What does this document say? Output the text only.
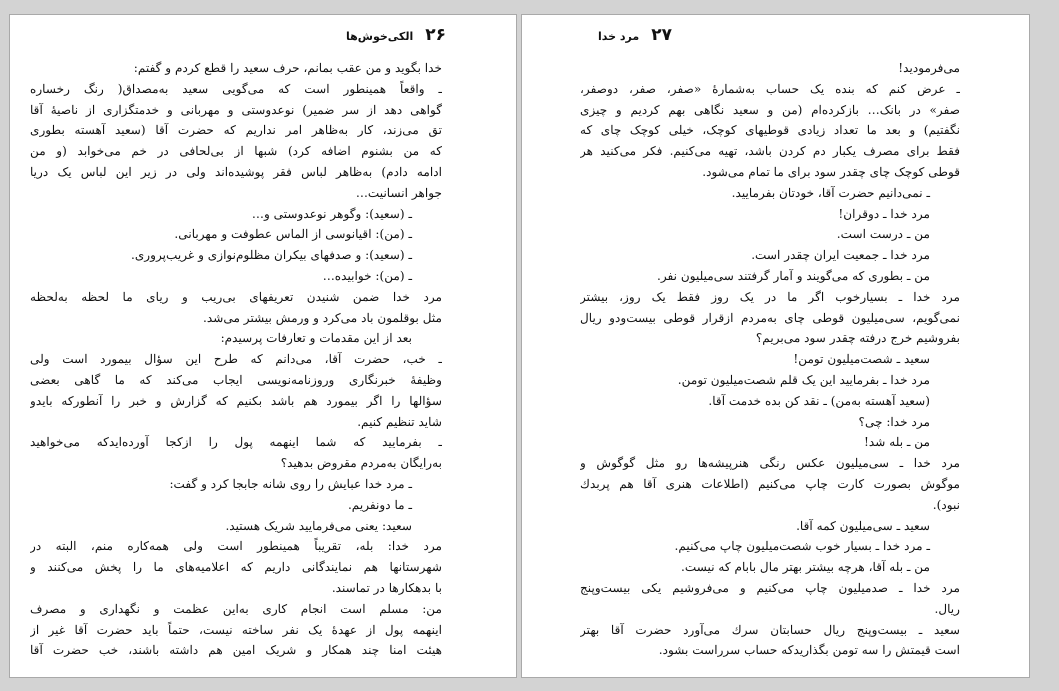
۲۶
الکی‌خوش‌ها
خدا بگوید و من عقب بمانم، حرف سعید را قطع کردم و گفتم:
ـ واقعاً همینطور است که می‌گویی سعید به‌مصداق( رنگ رخساره
گواهی دهد از سر ضمیر) نوعدوستی و مهربانی و خدمتگزاری از ناصیهٔ آقا
تق می‌زند، کار به‌ظاهر امر نداریم که حضرت آقا (سعید آهسته بطوری
که من بشنوم اضافه کرد) شبها از بی‌لحافی در خم می‌خوابد (و من
ادامه دادم) به‌ظاهر لباس فقر پوشیده‌اند ولی در زیر این لباس یک دریا
جواهر انسانیت…
ـ (سعید): وگوهر نوعدوستی و…
ـ (من): اقیانوسی از الماس عطوفت و مهربانی.
ـ (سعید): و صدفهای بیکران مظلوم‌نوازی و غریب‌پروری.
ـ (من): خوابیده…
مرد خدا ضمن شنیدن تعریفهای بی‌ریب و ریای ما لحظه به‌لحظه
مثل بوقلمون باد می‌کرد و ورمش بیشتر می‌شد.
بعد از این مقدمات و تعارفات پرسیدم:
ـ خب، حضرت آقا، می‌دانم که طرح این سؤال بیمورد است ولی
وظیفهٔ خبرنگاری وروزنامه‌نویسی ایجاب می‌کند که ما گاهی بعضی
سؤالها را اگر بیمورد هم باشد بکنیم که گزارش و خبر را آنطورکه بایدو
شاید تنظیم کنیم.
ـ بفرمایید که شما اینهمه پول را ازکجا آورده‌ایدکه می‌خواهید
به‌رایگان به‌مردم مقروض بدهید؟
ـ مرد خدا عبایش را روی شانه جابجا کرد و گفت:
ـ ما دونفریم.
سعید: یعنی می‌فرمایید شریک هستید.
مرد خدا: بله، تقریباً همینطور است ولی همه‌کاره منم، البته در
شهرستانها هم نمایندگانی داریم که اعلامیه‌های ما را پخش می‌کنند و
با بدهکارها در تماسند.
من: مسلم است انجام کاری به‌این عظمت و نگهداری و مصرف
اینهمه پول از عهدهٔ یک نفر ساخته نیست، حتماً باید حضرت آقا غیر از
هیئت امنا چند همکار و شریک امین هم داشته باشند، خب حضرت آقا
۲۷
مرد خدا
می‌فرمودید!
ـ عرض کنم که بنده یک حساب به‌شمارهٔ «صفر، صفر، دوصفر،
صفر» در بانک… بازکرده‌ام (من و سعید نگاهی بهم کردیم و چیزی
نگفتیم) و بعد ما تعداد زیادی قوطیهای کوچک، خیلی کوچک چای که
فقط برای مصرف یکبار دم کردن باشد، تهیه می‌کنیم. فکر می‌کنید هر
قوطی کوچک چای چقدر سود برای ما تمام می‌شود.
ـ نمی‌دانیم حضرت آقا، خودتان بفرمایید.
مرد خدا ـ دوقران!
من ـ درست است.
مرد خدا ـ جمعیت ایران چقدر است.
من ـ بطوری که می‌گویند و آمار گرفتند سی‌میلیون نفر.
مرد خدا ـ بسیارخوب اگر ما در یک روز فقط یک روز، بیشتر
نمی‌گویم، سی‌میلیون قوطی چای به‌مردم ازقرار قوطی بیست‌ودو ریال
بفروشیم خرج درفته چقدر سود می‌بریم؟
سعید ـ شصت‌میلیون تومن!
مرد خدا ـ بفرمایید این یک قلم شصت‌میلیون تومن.
(سعید آهسته به‌من) ـ نقد کن بده خدمت آقا.
مرد خدا: چی؟
من ـ بله شد!
مرد خدا ـ سی‌میلیون عکس رنگی هنرپیشه‌ها رو مثل گوگوش و
موگوش بصورت کارت چاپ می‌کنیم (اطلاعات هنری آقا هم پربدك
نبود).
سعید ـ سی‌میلیون کمه آقا.
ـ مرد خدا ـ بسیار خوب شصت‌میلیون چاپ می‌کنیم.
من ـ بله آقا، هرچه بیشتر بهتر مال بابام که نیست.
مرد خدا ـ صدمیلیون چاپ می‌کنیم و می‌فروشیم یکی بیست‌وپنج
ریال.
سعید ـ بیست‌وپنج ریال حسابتان سرك می‌آورد حضرت آقا بهتر
است قیمتش را سه تومن بگذاریدکه حساب سرراست بشود.
